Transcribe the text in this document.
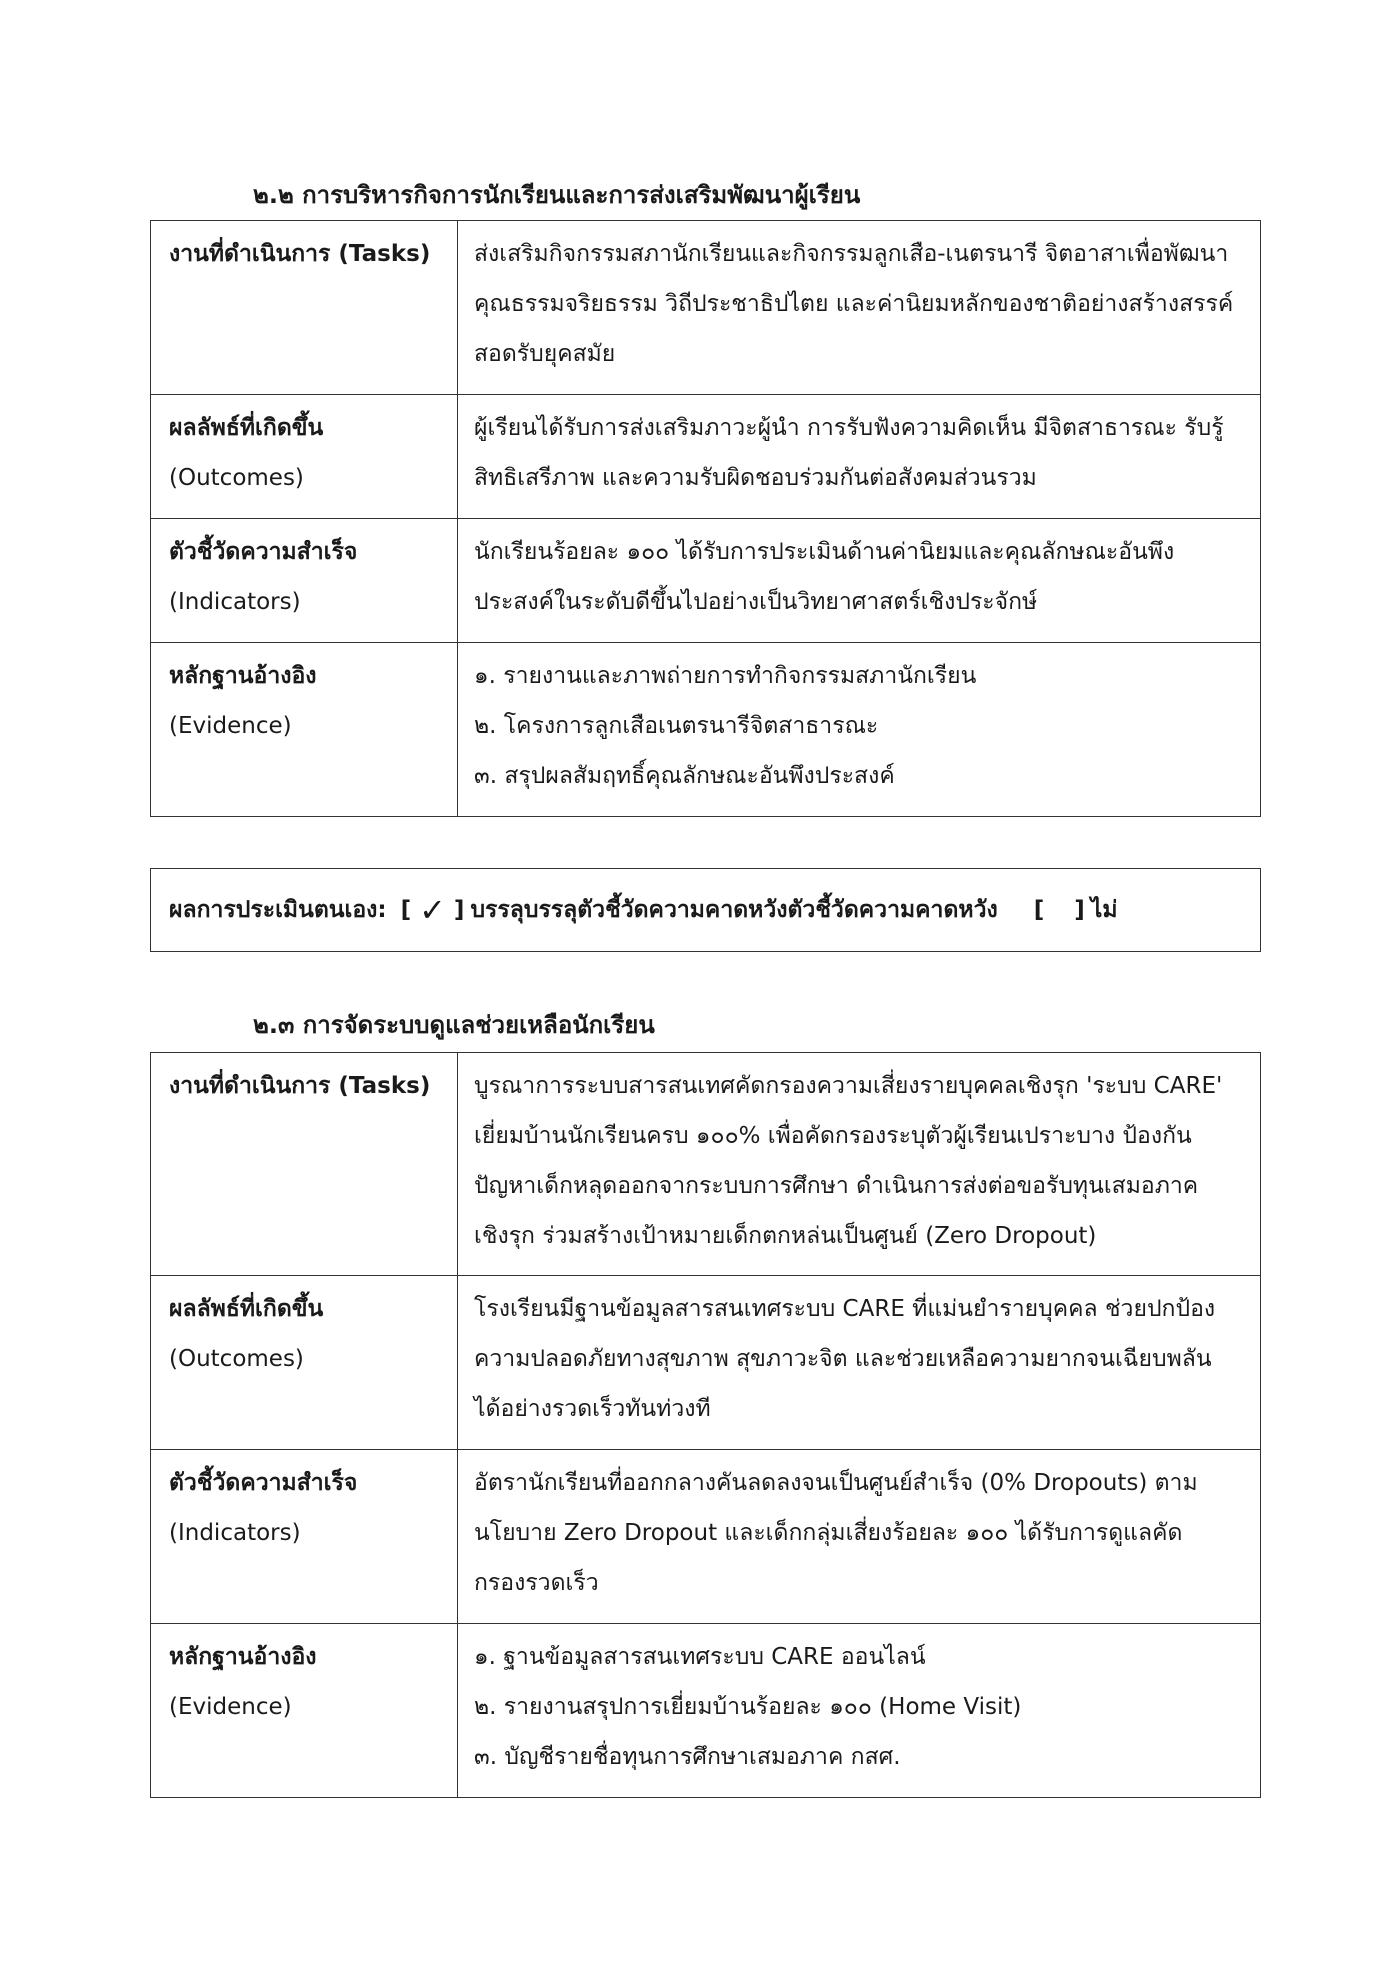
๒.๒ การบริหารกิจการนักเรียนและการส่งเสริมพัฒนาผู้เรียน
งานที่ดำเนินการ (Tasks)	ส่งเสริมกิจกรรมสภานักเรียนและกิจกรรมลูกเสือ-เนตรนารี จิตอาสาเพื่อพัฒนา
คุณธรรมจริยธรรม วิถีประชาธิปไตย และค่านิยมหลักของชาติอย่างสร้างสรรค์
สอดรับยุคสมัย

ผลลัพธ์ที่เกิดขึ้น
(Outcomes)	ผู้เรียนได้รับการส่งเสริมภาวะผู้นำ การรับฟังความคิดเห็น มีจิตสาธารณะ รับรู้
สิทธิเสรีภาพ และความรับผิดชอบร่วมกันต่อสังคมส่วนรวม

ตัวชี้วัดความสำเร็จ
(Indicators)	นักเรียนร้อยละ ๑๐๐ ได้รับการประเมินด้านค่านิยมและคุณลักษณะอันพึง
ประสงค์ในระดับดีขึ้นไปอย่างเป็นวิทยาศาสตร์เชิงประจักษ์

หลักฐานอ้างอิง
(Evidence)	๑. รายงานและภาพถ่ายการทำกิจกรรมสภานักเรียน
๒. โครงการลูกเสือเนตรนารีจิตสาธารณะ
๓. สรุปผลสัมฤทธิ์คุณลักษณะอันพึงประสงค์
ผลการประเมินตนเอง: [ ✓ ] บรรลุบรรลุตัวชี้วัดความคาดหวังตัวชี้วัดความคาดหวัง [ ] ไม่
๒.๓ การจัดระบบดูแลช่วยเหลือนักเรียน
งานที่ดำเนินการ (Tasks)	บูรณาการระบบสารสนเทศคัดกรองความเสี่ยงรายบุคคลเชิงรุก 'ระบบ CARE'
เยี่ยมบ้านนักเรียนครบ ๑๐๐% เพื่อคัดกรองระบุตัวผู้เรียนเปราะบาง ป้องกัน
ปัญหาเด็กหลุดออกจากระบบการศึกษา ดำเนินการส่งต่อขอรับทุนเสมอภาค
เชิงรุก ร่วมสร้างเป้าหมายเด็กตกหล่นเป็นศูนย์ (Zero Dropout)

ผลลัพธ์ที่เกิดขึ้น
(Outcomes)	โรงเรียนมีฐานข้อมูลสารสนเทศระบบ CARE ที่แม่นยำรายบุคคล ช่วยปกป้อง
ความปลอดภัยทางสุขภาพ สุขภาวะจิต และช่วยเหลือความยากจนเฉียบพลัน
ได้อย่างรวดเร็วทันท่วงที

ตัวชี้วัดความสำเร็จ
(Indicators)	อัตรานักเรียนที่ออกกลางคันลดลงจนเป็นศูนย์สำเร็จ (0% Dropouts) ตาม
นโยบาย Zero Dropout และเด็กกลุ่มเสี่ยงร้อยละ ๑๐๐ ได้รับการดูแลคัด
กรองรวดเร็ว

หลักฐานอ้างอิง
(Evidence)	๑. ฐานข้อมูลสารสนเทศระบบ CARE ออนไลน์
๒. รายงานสรุปการเยี่ยมบ้านร้อยละ ๑๐๐ (Home Visit)
๓. บัญชีรายชื่อทุนการศึกษาเสมอภาค กสศ.
